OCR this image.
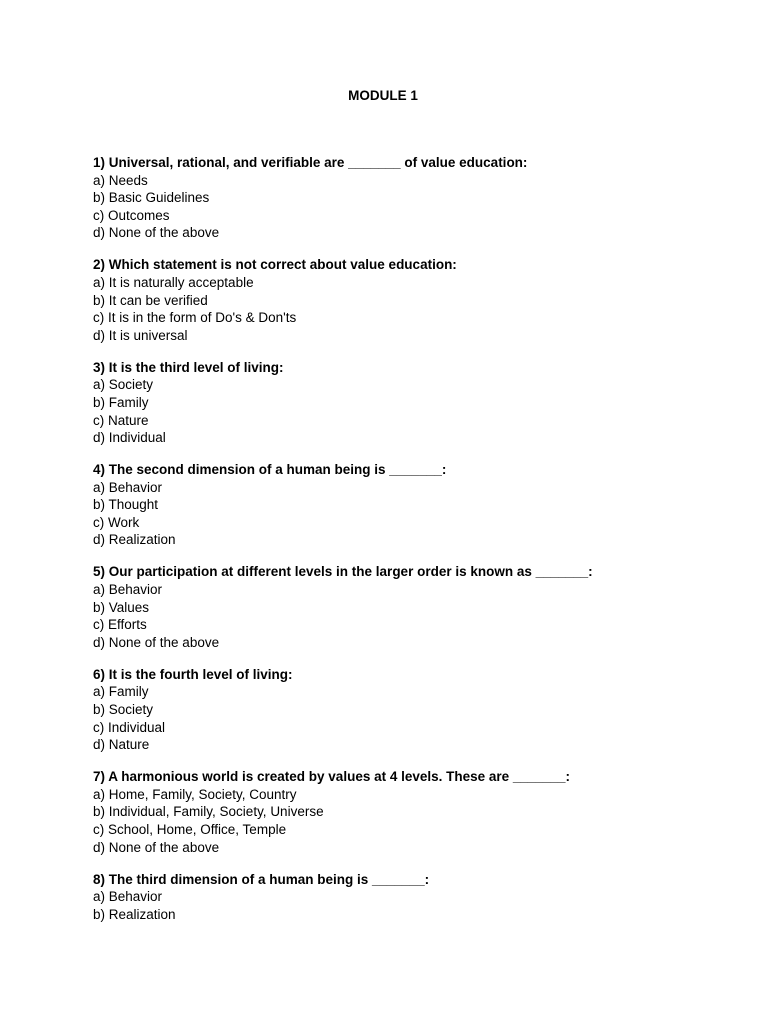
MODULE 1
1) Universal, rational, and verifiable are _______ of value education:
a) Needs
b) Basic Guidelines
c) Outcomes
d) None of the above
2) Which statement is not correct about value education:
a) It is naturally acceptable
b) It can be verified
c) It is in the form of Do's & Don'ts
d) It is universal
3) It is the third level of living:
a) Society
b) Family
c) Nature
d) Individual
4) The second dimension of a human being is _______:
a) Behavior
b) Thought
c) Work
d) Realization
5) Our participation at different levels in the larger order is known as _______:
a) Behavior
b) Values
c) Efforts
d) None of the above
6) It is the fourth level of living:
a) Family
b) Society
c) Individual
d) Nature
7) A harmonious world is created by values at 4 levels. These are _______:
a) Home, Family, Society, Country
b) Individual, Family, Society, Universe
c) School, Home, Office, Temple
d) None of the above
8) The third dimension of a human being is _______:
a) Behavior
b) Realization
